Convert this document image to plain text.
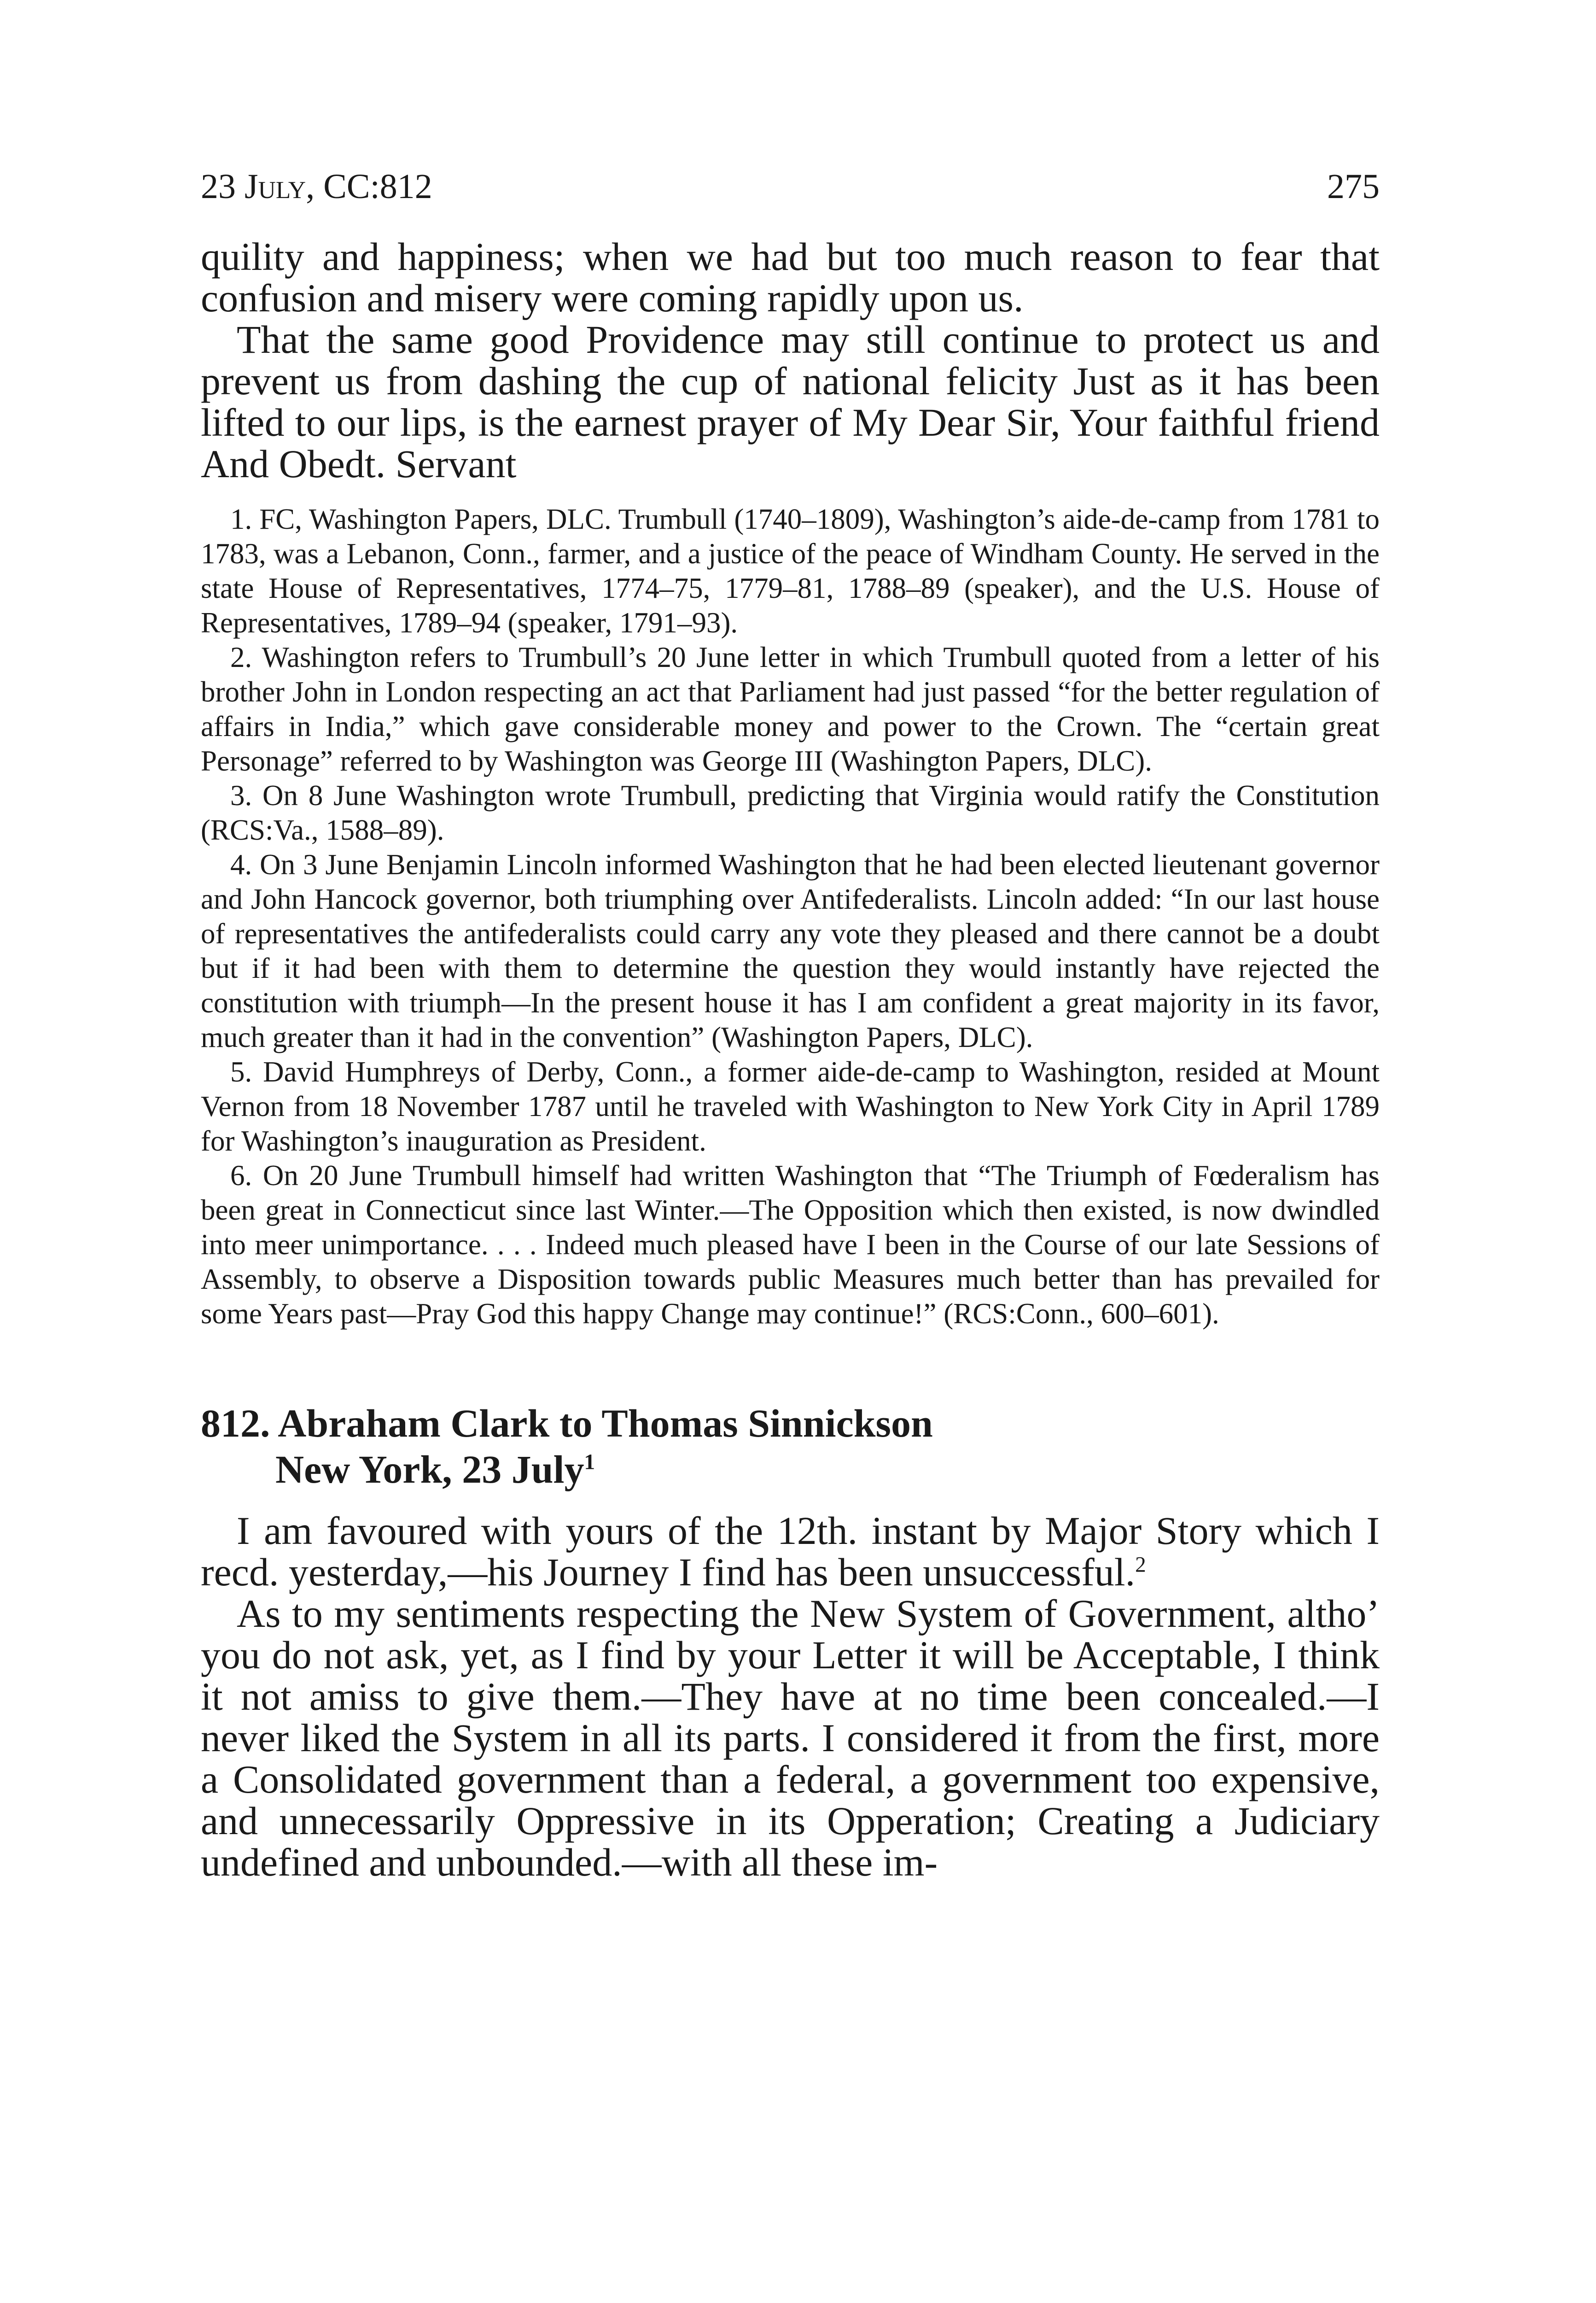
23 July, CC:812	275

quility and happiness; when we had but too much reason to fear that confusion and misery were coming rapidly upon us.

That the same good Providence may still continue to protect us and prevent us from dashing the cup of national felicity Just as it has been lifted to our lips, is the earnest prayer of My Dear Sir, Your faithful friend And Obedt. Servant

1. FC, Washington Papers, DLC. Trumbull (1740–1809), Washington’s aide-de-camp from 1781 to 1783, was a Lebanon, Conn., farmer, and a justice of the peace of Windham County. He served in the state House of Representatives, 1774–75, 1779–81, 1788–89 (speaker), and the U.S. House of Representatives, 1789–94 (speaker, 1791–93).

2. Washington refers to Trumbull’s 20 June letter in which Trumbull quoted from a letter of his brother John in London respecting an act that Parliament had just passed “for the better regulation of affairs in India,” which gave considerable money and power to the Crown. The “certain great Personage” referred to by Washington was George III (Washington Papers, DLC).

3. On 8 June Washington wrote Trumbull, predicting that Virginia would ratify the Constitution (RCS:Va., 1588–89).

4. On 3 June Benjamin Lincoln informed Washington that he had been elected lieutenant governor and John Hancock governor, both triumphing over Antifederalists. Lincoln added: “In our last house of representatives the antifederalists could carry any vote they pleased and there cannot be a doubt but if it had been with them to determine the question they would instantly have rejected the constitution with triumph—In the present house it has I am confident a great majority in its favor, much greater than it had in the convention” (Washington Papers, DLC).

5. David Humphreys of Derby, Conn., a former aide-de-camp to Washington, resided at Mount Vernon from 18 November 1787 until he traveled with Washington to New York City in April 1789 for Washington’s inauguration as President.

6. On 20 June Trumbull himself had written Washington that “The Triumph of Fœderalism has been great in Connecticut since last Winter.—The Opposition which then existed, is now dwindled into meer unimportance. . . . Indeed much pleased have I been in the Course of our late Sessions of Assembly, to observe a Disposition towards public Measures much better than has prevailed for some Years past—Pray God this happy Change may continue!” (RCS:Conn., 600–601).

812. Abraham Clark to Thomas Sinnickson
New York, 23 July$^1$

I am favoured with yours of the 12th. instant by Major Story which I recd. yesterday,—his Journey I find has been unsuccessful.$^2$

As to my sentiments respecting the New System of Government, altho’ you do not ask, yet, as I find by your Letter it will be Acceptable, I think it not amiss to give them.—They have at no time been concealed.—I never liked the System in all its parts. I considered it from the first, more a Consolidated government than a federal, a government too expensive, and unnecessarily Oppressive in its Opperation; Creating a Judiciary undefined and unbounded.—with all these im-
